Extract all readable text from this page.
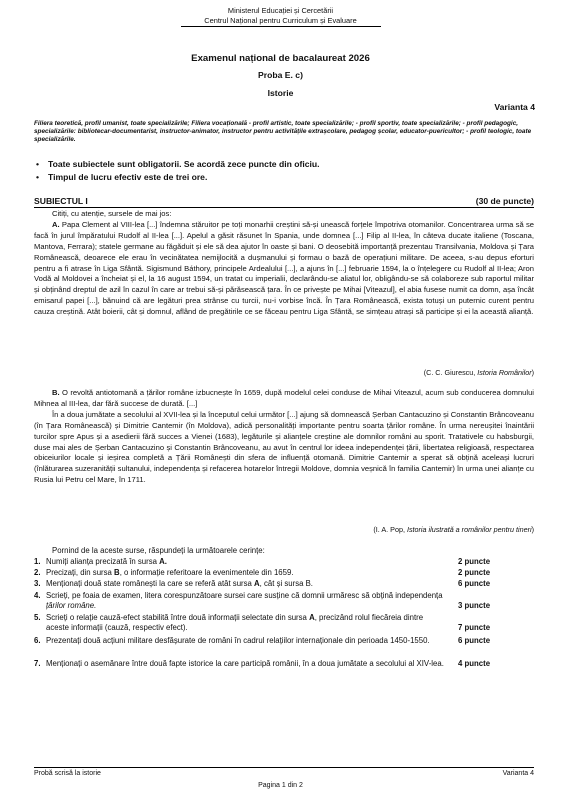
Ministerul Educației și Cercetării

Centrul Național pentru Curriculum și Evaluare
Examenul național de bacalaureat 2026
Proba E. c)
Istorie
Varianta 4
Filiera teoretică, profil umanist, toate specializările; Filiera vocațională - profil artistic, toate specializările; - profil sportiv, toate specializările; - profil pedagogic, specializările: bibliotecar-documentarist, instructor-animator, instructor pentru activitățile extrașcolare, pedagog școlar, educator-puericultor; - profil teologic, toate specializările.
• Toate subiectele sunt obligatorii. Se acordă zece puncte din oficiu.
• Timpul de lucru efectiv este de trei ore.
SUBIECTUL I	(30 de puncte)

Citiți, cu atenție, sursele de mai jos:

A. Papa Clement al VIII-lea [...] îndemna stăruitor pe toți monarhii creștini să-și unească forțele împotriva otomanilor. Concentrarea urma să se facă în jurul împăratului Rudolf al II-lea [...]. Apelul a găsit răsunet în Spania, unde domnea [...] Filip al II-lea, în câteva ducate italiene (Toscana, Mantova, Ferrara); statele germane au făgăduit și ele să dea ajutor în oaste și bani. O deosebită importanță prezentau Transilvania, Moldova și Țara Românească, deoarece ele erau în vecinătatea nemijlocită a dușmanului și formau o bază de operațiuni militare. De aceea, s-au depus eforturi pentru a fi atrase în Liga Sfântă. Sigismund Báthory, principele Ardealului [...], a ajuns în [...] februarie 1594, la o înțelegere cu Rudolf al II-lea; Aron Vodă al Moldovei a încheiat și el, la 16 august 1594, un tratat cu imperialii, declarându-se aliatul lor, obligându-se să colaboreze sub raportul militar și obținând dreptul de azil în cazul în care ar trebui să-și părăsească țara. În ce privește pe Mihai [Viteazul], el abia fusese numit ca domn, așa încât emisarul papei [...], bănuind că are legături prea strânse cu turcii, nu-i vorbise încă. În Țara Românească, exista totuși un puternic curent pentru cauza creștină. Atât boierii, cât și domnul, aflând de pregătirile ce se făceau pentru Liga Sfântă, se simțeau atrași să participe și ei la această alianță.

(C. C. Giurescu, Istoria Românilor)

B. O revoltă antiotomană a țărilor române izbucnește în 1659, după modelul celei conduse de Mihai Viteazul, acum sub conducerea domnului Mihnea al III-lea, dar fără succese de durată. [...]

În a doua jumătate a secolului al XVII-lea și la începutul celui următor [...] ajung să domnească Șerban Cantacuzino și Constantin Brâncoveanu (în Țara Românească) și Dimitrie Cantemir (în Moldova), adică personalități importante pentru soarta țărilor române. În urma nereușitei înaintării turcilor spre Apus și a asedierii fără succes a Vienei (1683), legăturile și alianțele creștine ale domnilor români au sporit. Tratativele cu habsburgii, duse mai ales de Șerban Cantacuzino și Constantin Brâncoveanu, au avut în centrul lor ideea independenței țării, libertatea religioasă, respectarea obiceiurilor locale și ieșirea completă a Țării Românești din sfera de influență otomană. Dimitrie Cantemir a sperat să obțină aceleași lucruri (înlăturarea suzeranității sultanului, independența și refacerea hotarelor întregii Moldove, domnia veșnică în familia Cantemir) în urma unei alianțe cu Rusia lui Petru cel Mare, în 1711.

(I. A. Pop, Istoria ilustrată a românilor pentru tineri)

Pornind de la aceste surse, răspundeți la următoarele cerințe:

1. Numiți alianța precizată în sursa A.	2 puncte
2. Precizați, din sursa B, o informație referitoare la evenimentele din 1659.	2 puncte
3. Menționați două state românești la care se referă atât sursa A, cât și sursa B.	6 puncte
4. Scrieți, pe foaia de examen, litera corespunzătoare sursei care susține că domnii urmăresc să obțină independența țărilor române.	3 puncte
5. Scrieți o relație cauză-efect stabilită între două informații selectate din sursa A, precizând rolul fiecăreia dintre aceste informații (cauză, respectiv efect).	7 puncte
6. Prezentați două acțiuni militare desfășurate de români în cadrul relațiilor internaționale din perioada 1450-1550.	6 puncte
7. Menționați o asemănare între două fapte istorice la care participă românii, în a doua jumătate a secolului al XIV-lea. 4 puncte
Probă scrisă la istorie	Varianta 4
Pagina 1 din 2
